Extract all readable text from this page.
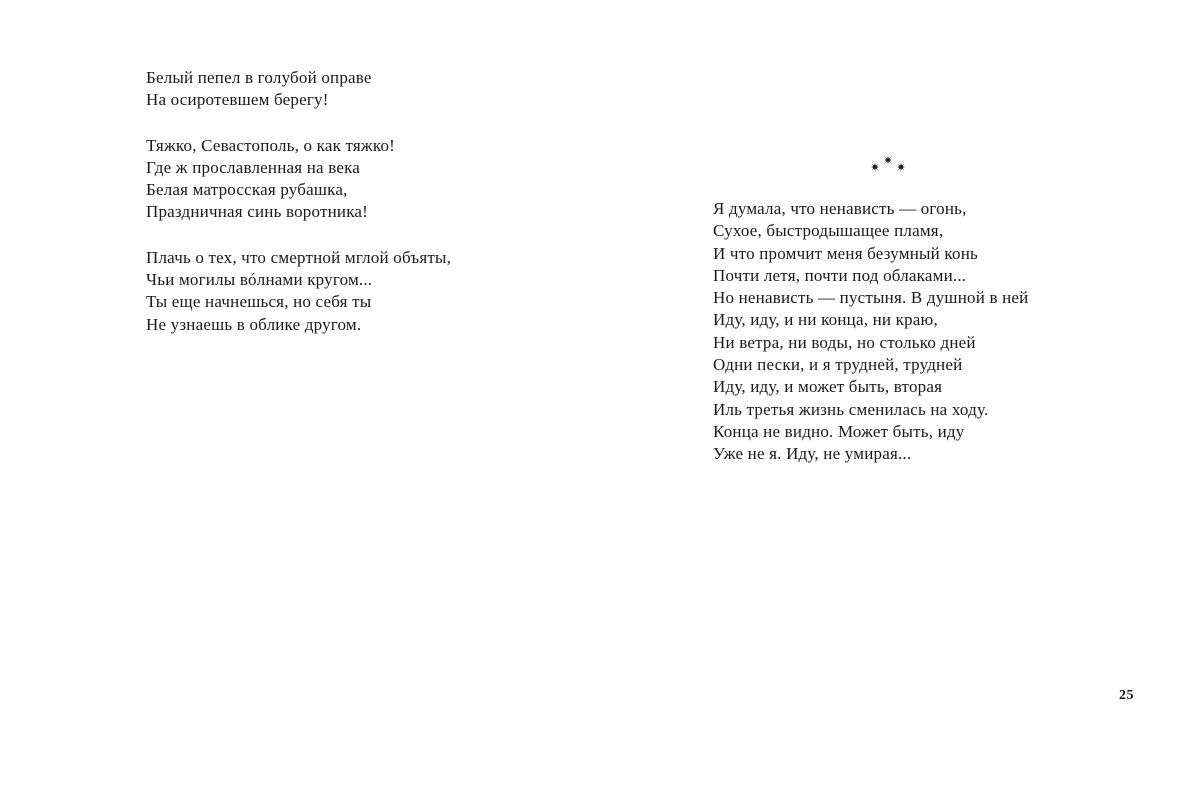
Белый пепел в голубой оправе
На осиротевшем берегу!
Тяжко, Севастополь, о как тяжко!
Где ж прославленная на века
Белая матросская рубашка,
Праздничная синь воротника!
Плачь о тех, что смертной мглой объяты,
Чьи могилы вóлнами кругом...
Ты еще начнешься, но себя ты
Не узнаешь в облике другом.
Я думала, что ненависть — огонь,
Сухое, быстродышащее пламя,
И что промчит меня безумный конь
Почти летя, почти под облаками...
Но ненависть — пустыня. В душной в ней
Иду, иду, и ни конца, ни краю,
Ни ветра, ни воды, но столько дней
Одни пески, и я трудней, трудней
Иду, иду, и может быть, вторая
Иль третья жизнь сменилась на ходу.
Конца не видно. Может быть, иду
Уже не я. Иду, не умирая...
25
